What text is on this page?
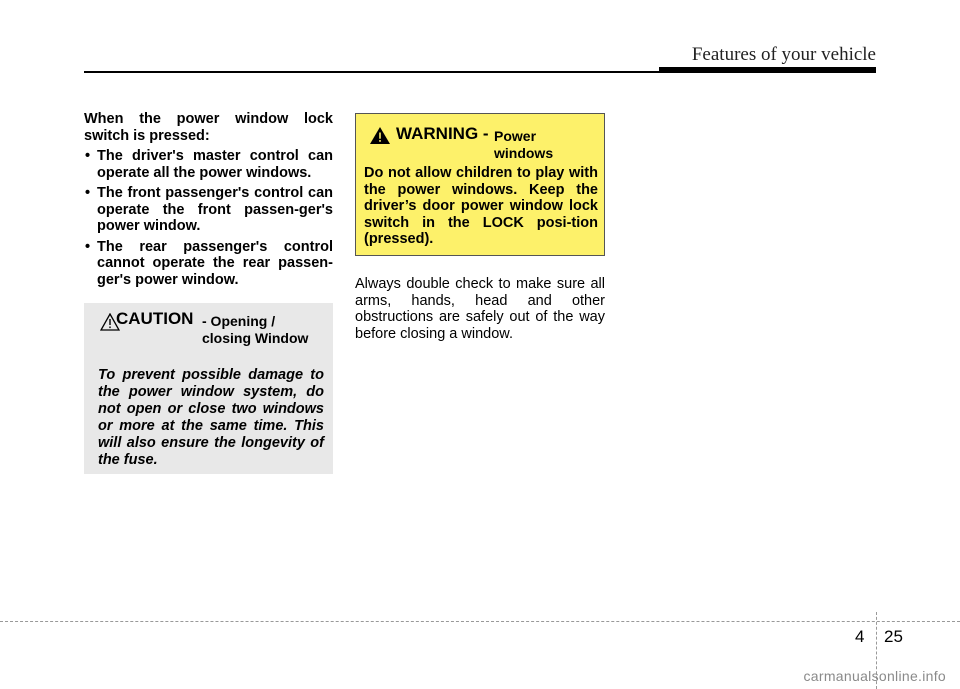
Features of your vehicle

When the power window lock switch is pressed:

• The driver's master control can operate all the power windows.
• The front passenger's control can operate the front passen-ger's power window.
• The rear passenger's control cannot operate the rear passen-ger's power window.
CAUTION - Opening / closing Window
To prevent possible damage to the power window system, do not open or close two windows or more at the same time. This will also ensure the longevity of the fuse.
WARNING - Power windows
Do not allow children to play with the power windows. Keep the driver’s door power window lock switch in the LOCK posi-tion (pressed).
Always double check to make sure all arms, hands, head and other obstructions are safely out of the way before closing a window.
4 25
carmanualsonline.info
